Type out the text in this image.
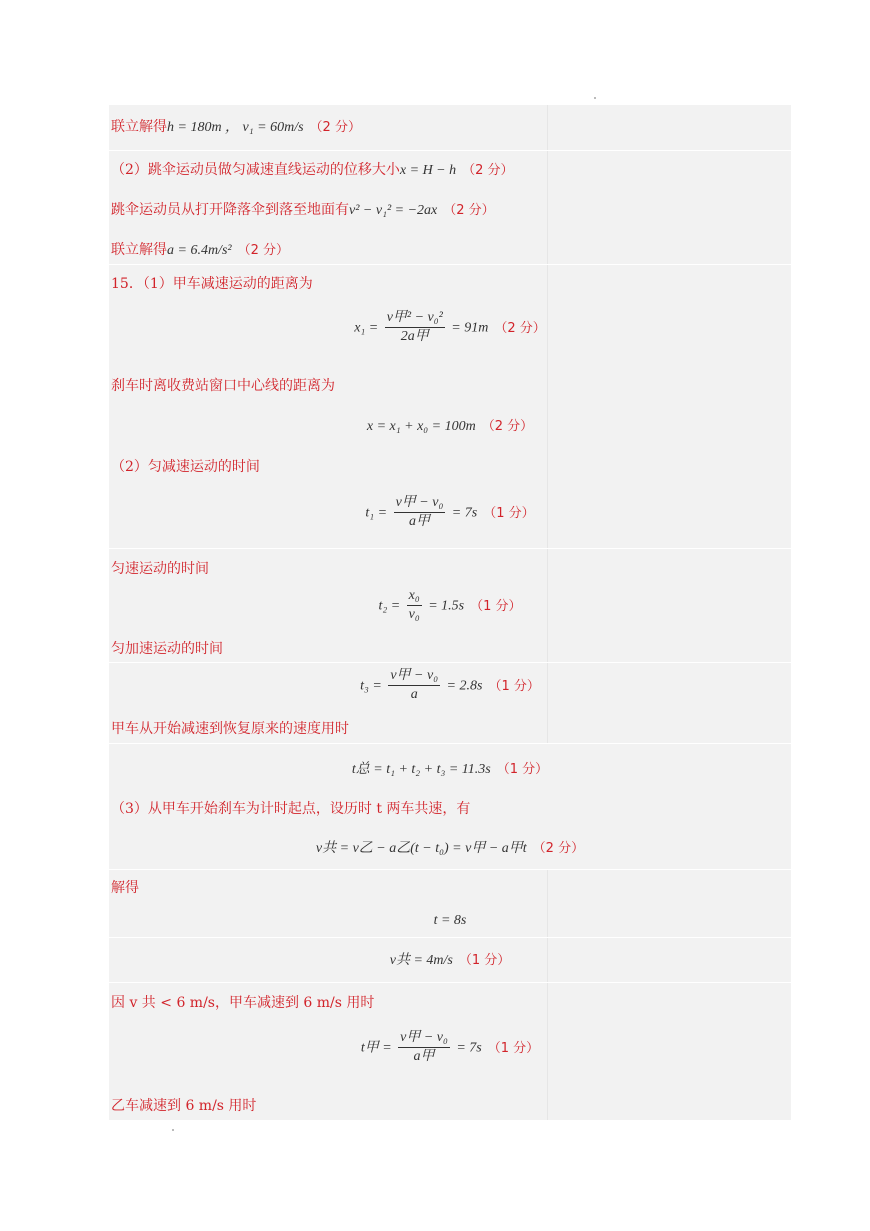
联立解得h = 180m ， v₁ = 60m/s （2 分）
（2）跳伞运动员做匀减速直线运动的位移大小x = H − h （2 分）
跳伞运动员从打开降落伞到落至地面有v² − v₁² = −2ax （2 分）
联立解得a = 6.4m/s² （2 分）
15．（1）甲车减速运动的距离为
$x_1 = \frac{\text{v甲² − v₀²}}{\text{2a甲}} = 91m$ （2 分）
刹车时离收费站窗口中心线的距离为
x = x₁ + x₀ = 100m （2 分）
（2）匀减速运动的时间
$t_1 = \frac{\text{v甲 − v₀}}{\text{a甲}} = 7s$ （1 分）
匀速运动的时间
$t_2 = \frac{\text{x₀}}{\text{v₀}} = 1.5s$ （1 分）
匀加速运动的时间
$t_3 = \frac{\text{v甲 − v₀}}{a} = 2.8s$ （1 分）
甲车从开始减速到恢复原来的速度用时
t总 = t₁ + t₂ + t₃ = 11.3s （1 分）
（3）从甲车开始刹车为计时起点，设历时 t 两车共速，有
v共 = v乙 − a乙(t − t₀) = v甲 − a甲t （2 分）
解得
t = 8s
v共 = 4m/s （1 分）
因 v 共 < 6 m/s，甲车减速到 6 m/s 用时
t甲 = $\frac{\text{v甲 − v₀}}{\text{a甲}} = 7s$ （1 分）
乙车减速到 6 m/s 用时
